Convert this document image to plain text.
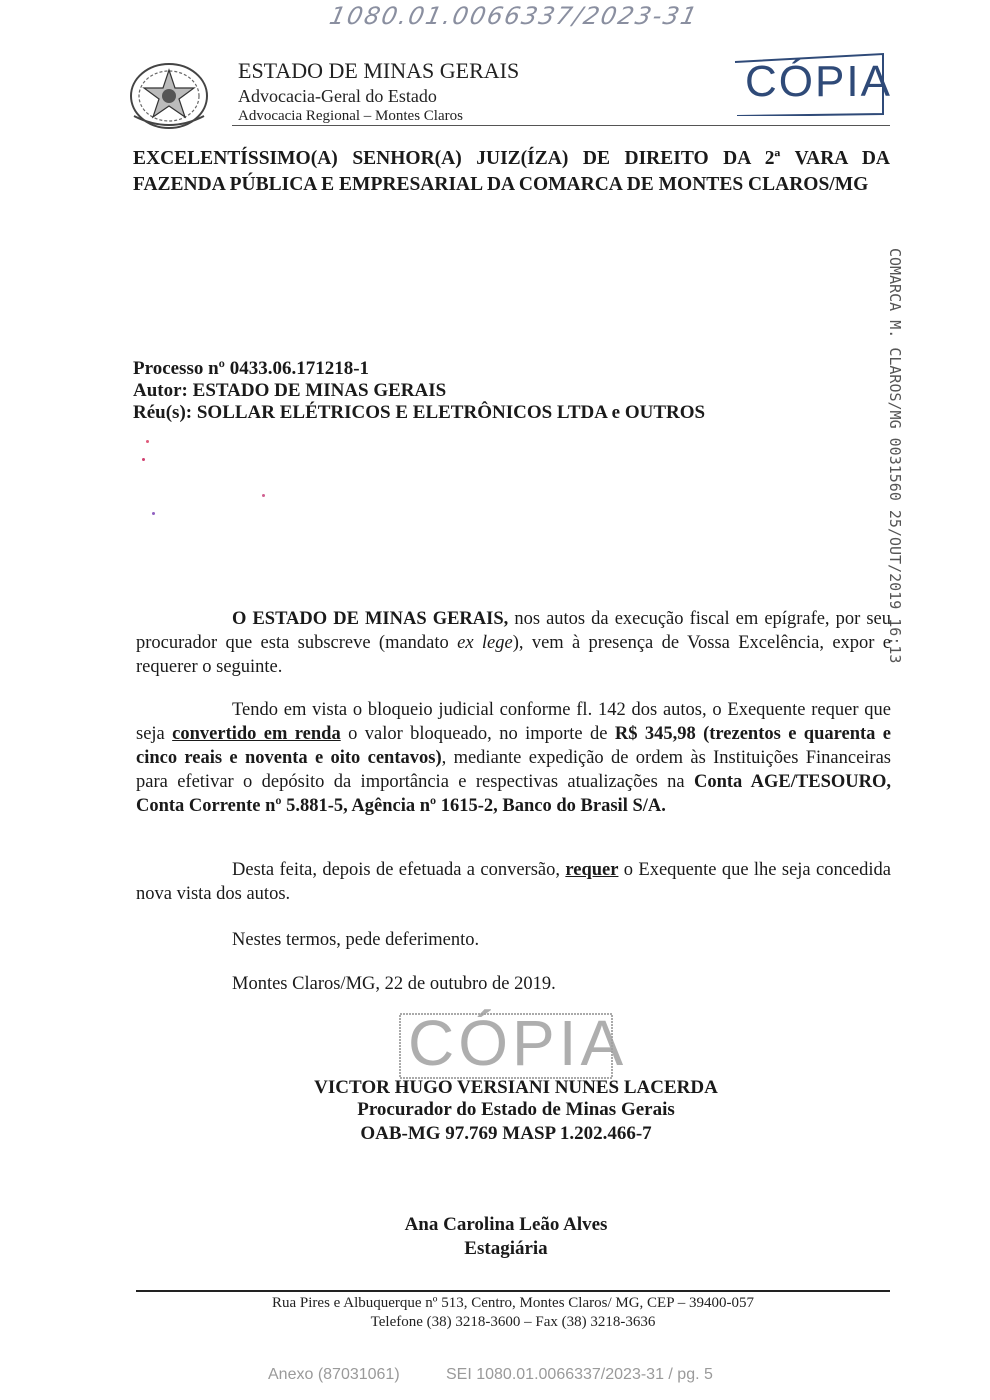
1080.01.0066337/2023-31
ESTADO DE MINAS GERAIS
Advocacia-Geral do Estado
Advocacia Regional – Montes Claros
CÓPIA
EXCELENTÍSSIMO(A) SENHOR(A) JUIZ(ÍZA) DE DIREITO DA 2ª VARA DA FAZENDA PÚBLICA E EMPRESARIAL DA COMARCA DE MONTES CLAROS/MG
COMARCA M. CLAROS/MG 0031560 25/OUT/2019 16:13
Processo nº 0433.06.171218-1
Autor: ESTADO DE MINAS GERAIS
Réu(s): SOLLAR ELÉTRICOS E ELETRÔNICOS LTDA e OUTROS
O ESTADO DE MINAS GERAIS, nos autos da execução fiscal em epígrafe, por seu procurador que esta subscreve (mandato ex lege), vem à presença de Vossa Excelência, expor e requerer o seguinte.
Tendo em vista o bloqueio judicial conforme fl. 142 dos autos, o Exequente requer que seja convertido em renda o valor bloqueado, no importe de R$ 345,98 (trezentos e quarenta e cinco reais e noventa e oito centavos), mediante expedição de ordem às Instituições Financeiras para efetivar o depósito da importância e respectivas atualizações na Conta AGE/TESOURO, Conta Corrente nº 5.881-5, Agência nº 1615-2, Banco do Brasil S/A.
Desta feita, depois de efetuada a conversão, requer o Exequente que lhe seja concedida nova vista dos autos.
Nestes termos, pede deferimento.
Montes Claros/MG, 22 de outubro de 2019.
CÓPIA
VICTOR HUGO VERSIANI NUNES LACERDA
Procurador do Estado de Minas Gerais
OAB-MG 97.769 MASP 1.202.466-7
Ana Carolina Leão Alves
Estagiária
Rua Pires e Albuquerque nº 513, Centro, Montes Claros/ MG, CEP – 39400-057
Telefone (38) 3218-3600 – Fax (38) 3218-3636
Anexo (87031061)	SEI 1080.01.0066337/2023-31 / pg. 5
